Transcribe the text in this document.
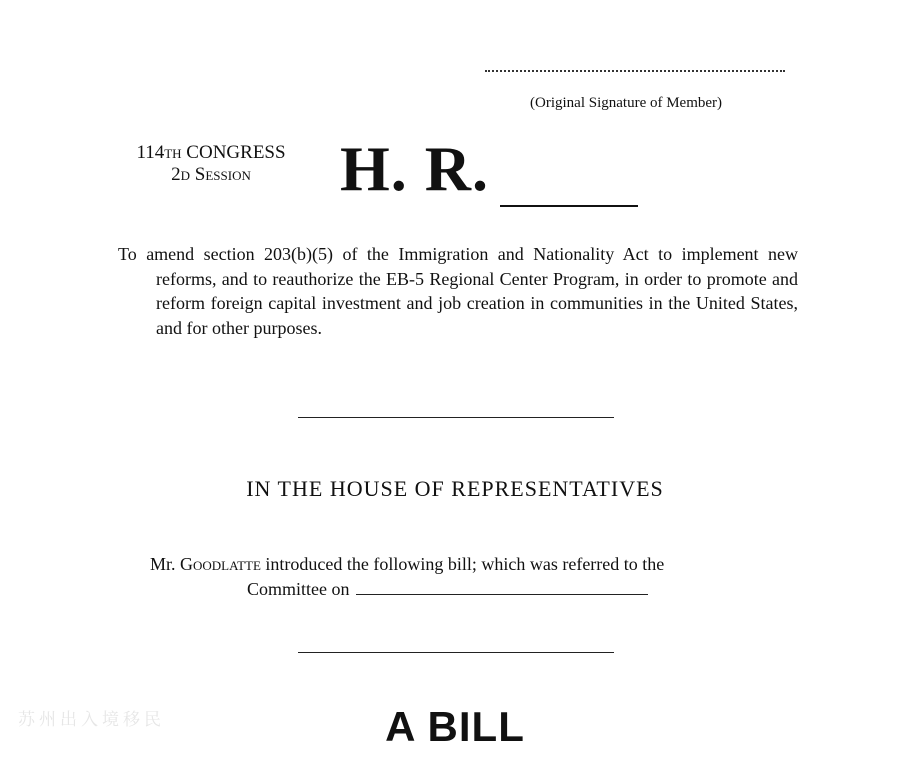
(Original Signature of Member)
114th CONGRESS
2d Session	H. R.
To amend section 203(b)(5) of the Immigration and Nationality Act to implement new reforms, and to reauthorize the EB-5 Regional Center Program, in order to promote and reform foreign capital investment and job creation in communities in the United States, and for other purposes.
IN THE HOUSE OF REPRESENTATIVES
Mr. Goodlatte introduced the following bill; which was referred to the
Committee on
苏州出入境移民	A BILL
